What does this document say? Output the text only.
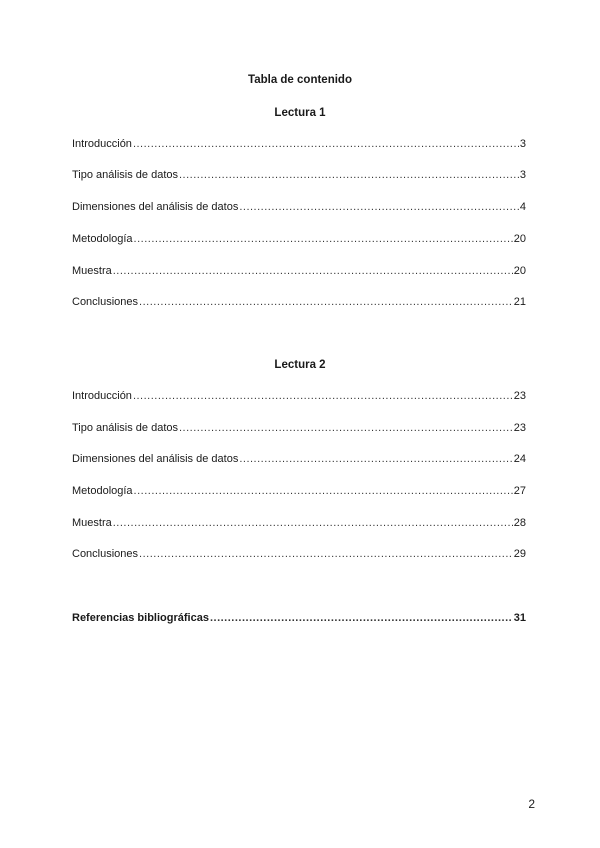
Tabla de contenido
Lectura 1
Introducción .....	3
Tipo análisis de datos .....	3
Dimensiones del análisis de datos .....	4
Metodología .....	20
Muestra .....	20
Conclusiones .....	21
Lectura 2
Introducción .....	23
Tipo análisis de datos .....	23
Dimensiones del análisis de datos .....	24
Metodología .....	27
Muestra .....	28
Conclusiones .....	29
Referencias bibliográficas .....	31
2
